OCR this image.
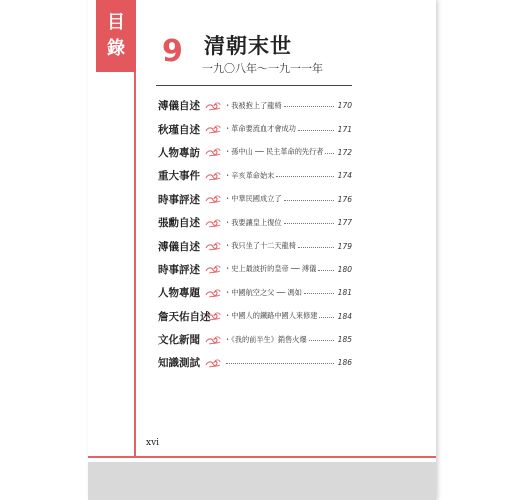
目
錄 9	清朝末世
一九〇八年～一九一一年
溥儀自述	・我被抱上了龍椅	170
秋瑾自述	・革命要流血才會成功	171
人物專訪	・孫中山 ── 民主革命的先行者 172
重大事件	・辛亥革命始末	174
時事評述	・中華民國成立了	176
張勳自述	・我要讓皇上復位	177
溥儀自述	・我只坐了十二天龍椅	179
時事評述	・史上最波折的皇帝 ── 溥儀	180
人物專題	・中國航空之父 ── 馮如	181
詹天佑自述 ・中國人的鐵路中國人來修建	184
文化新聞	・《我的前半生》銷售火爆	185
知識測試	186
xvi
